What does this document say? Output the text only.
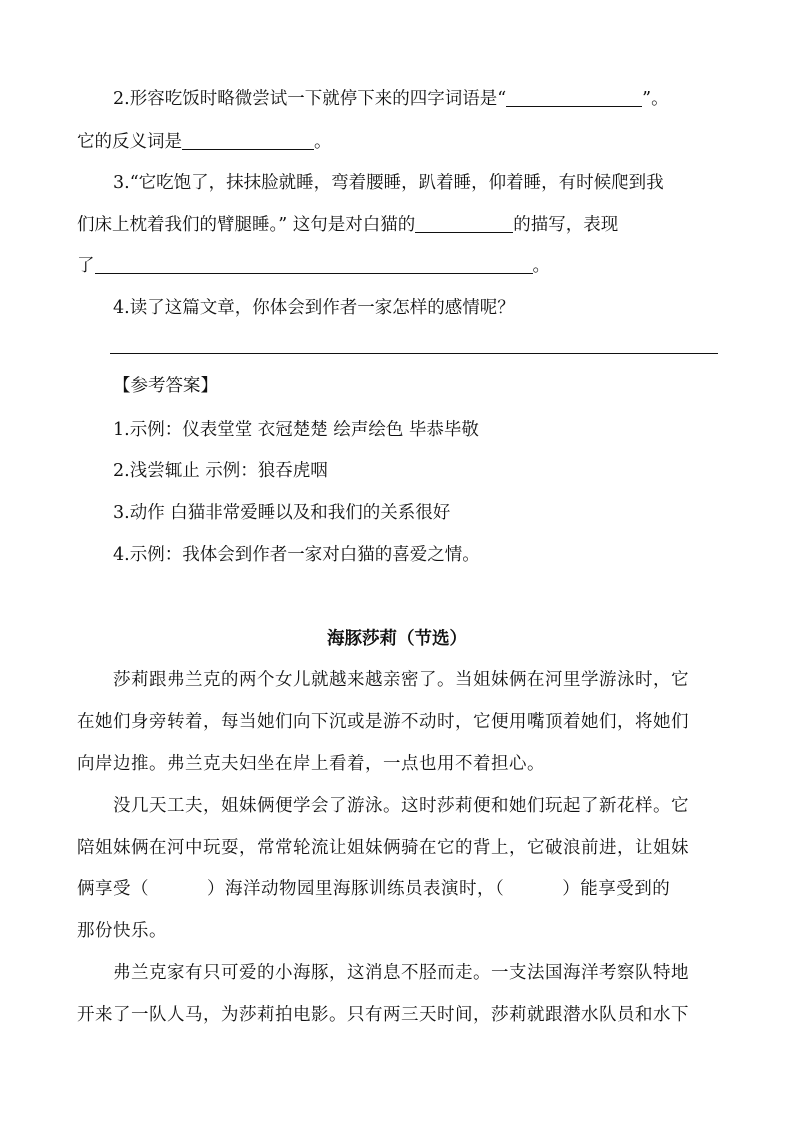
2.形容吃饭时略微尝试一下就停下来的四字词语是“	”。
它的反义词是	。
3.“它吃饱了，抹抹脸就睡，弯着腰睡，趴着睡，仰着睡，有时候爬到我
们床上枕着我们的臂腿睡。” 这句是对白猫的	的描写，表现
了	。
4.读了这篇文章，你体会到作者一家怎样的感情呢？
【参考答案】
1.示例：仪表堂堂 衣冠楚楚 绘声绘色 毕恭毕敬
2.浅尝辄止 示例：狼吞虎咽
3.动作 白猫非常爱睡以及和我们的关系很好
4.示例：我体会到作者一家对白猫的喜爱之情。
海豚莎莉（节选）
莎莉跟弗兰克的两个女儿就越来越亲密了。当姐妹俩在河里学游泳时，它
在她们身旁转着，每当她们向下沉或是游不动时，它便用嘴顶着她们，将她们
向岸边推。弗兰克夫妇坐在岸上看着，一点也用不着担心。
没几天工夫，姐妹俩便学会了游泳。这时莎莉便和她们玩起了新花样。它
陪姐妹俩在河中玩耍，常常轮流让姐妹俩骑在它的背上，它破浪前进，让姐妹
俩享受（	）海洋动物园里海豚训练员表演时，（	）能享受到的
那份快乐。
弗兰克家有只可爱的小海豚，这消息不胫而走。一支法国海洋考察队特地
开来了一队人马，为莎莉拍电影。只有两三天时间，莎莉就跟潜水队员和水下
